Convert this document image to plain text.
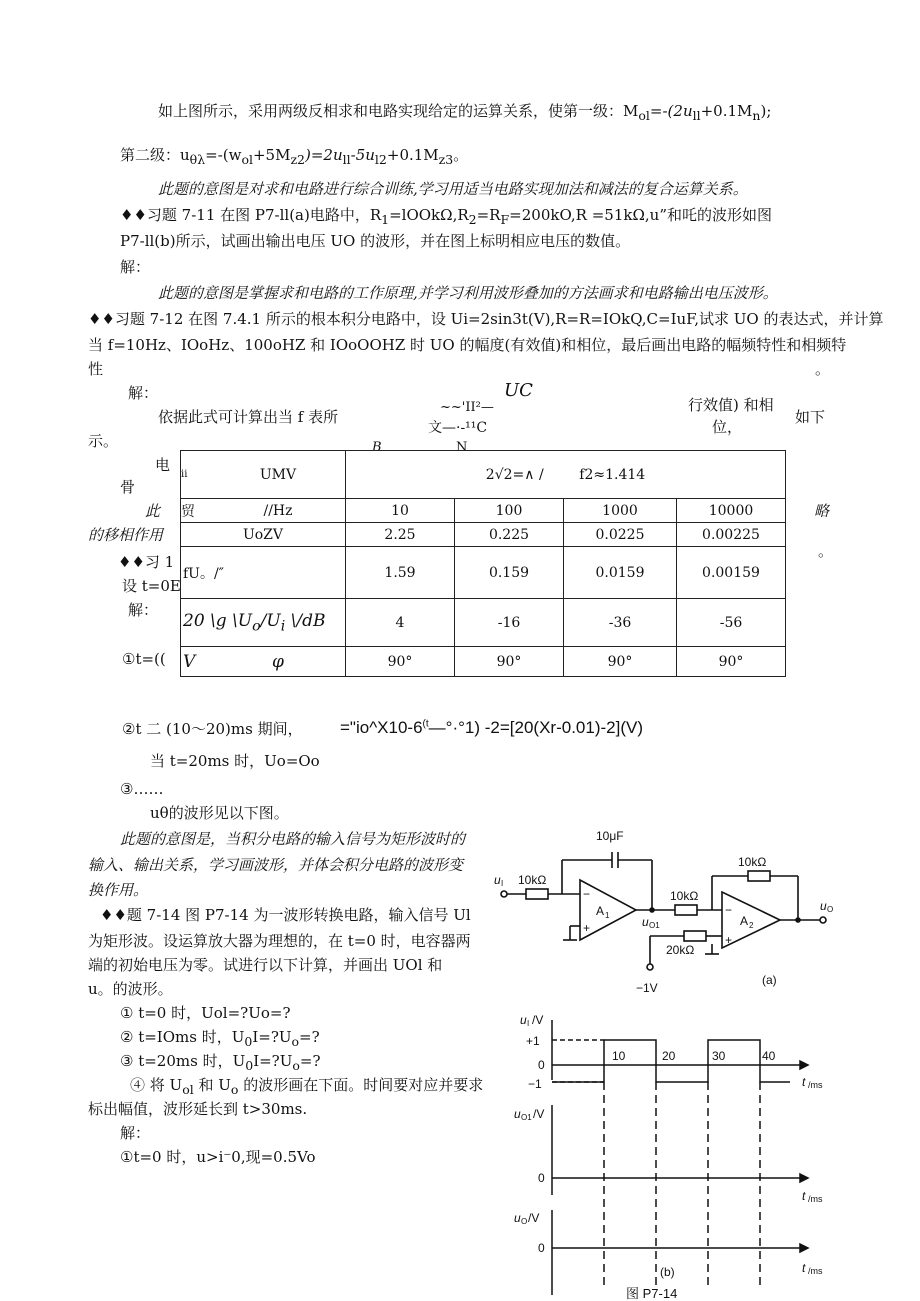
如上图所示，采用两级反相求和电路实现给定的运算关系，使第一级：$M_{ol}=-(2u_{ll}+0.1M_n)$;
第二级：$u_{\theta\lambda}=-(w_{ol}+5M_{z2})=2u_{ll}-5u_{l2}+0.1M_{z3}$。
此题的意图是对求和电路进行综合训练,学习用适当电路实现加法和减法的复合运算关系。
♦♦习题 7-11 在图 P7-ll(a)电路中，$R_1=lOOk\Omega,R_2=R_F=200kO,R =51k\Omega,u$”和吒的波形如图
P7-ll(b)所示，试画出输出电压 UO 的波形，并在图上标明相应电压的数值。
解：
此题的意图是掌握求和电路的工作原理,并学习利用波形叠加的方法画求和电路输出电压波形。
♦♦习题 7-12 在图 7.4.1 所示的根本积分电路中，设 Ui=2sin3t(V),R=R=IOkQ,C=IuF,试求 UO 的表达式，并计算
当 f=10Hz、IOoHz、100oHZ 和 IOoOOHZ 时 UO 的幅度(有效值)和相位，最后画出电路的幅频特性和相频特
性	。
解：	UC
~~'II²—
文—·-¹¹C
B	N
依据此式可计算出当 f 表所
行效值) 和相
位，
如下
示。
电
骨
此
的移相作用
♦♦习 1
设 t=0E
解：
①t=((
略
。
ii	UMV	2√2=∧ / f2≈1.414			
贸	//Hz	10	100	1000	10000
UoZV		2.25	0.225	0.0225	0.00225
fU。/″		1.59	0.159	0.0159	0.00159
20 \g $\backslash U_o/U_i$ \/dB		4	-16	-36	-56
V	φ	90°	90°	90°	90°
②t 二 (10〜20)ms 期间， $="io\^{}X10-6^{(t}—^\circ\cdot^\circ 1$) -2=[20(Xr-0.01)-2](V)
当 t=20ms 时，Uo=Oo
③……
uθ的波形见以下图。
此题的意图是，当积分电路的输入信号为矩形波时的
输入、输出关系，学习画波形，并体会积分电路的波形变
换作用。
♦♦题 7-14 图 P7-14 为一波形转换电路，输入信号 Ul
为矩形波。设运算放大器为理想的，在 t=0 时，电容器两
端的初始电压为零。试进行以下计算，并画出 UOl 和
u。的波形。
① t=0 时，Uol=?Uo=?
② t=IOms 时，$U_0I=?U_o=$?
③ t=20ms 时，$U_0I=?U_o=$?
④ 将 $U_{ol}$ 和 $U_o$ 的波形画在下面。时间要对应并要求
标出幅值，波形延长到 t>30ms.
解：
①t=0 时，u>i⁻0,现=0.5Vo
10μF
10kΩ
10kΩ
10kΩ
20kΩ
u I
A 1	A 2
u O1
u O
−1V
(a)
−
+
−
+
u I /V
+1
0
−1
10	20	30	40
t /ms
u O1 /V
0
t /ms
u O /V
0
t /ms
(b)
图 P7-14
